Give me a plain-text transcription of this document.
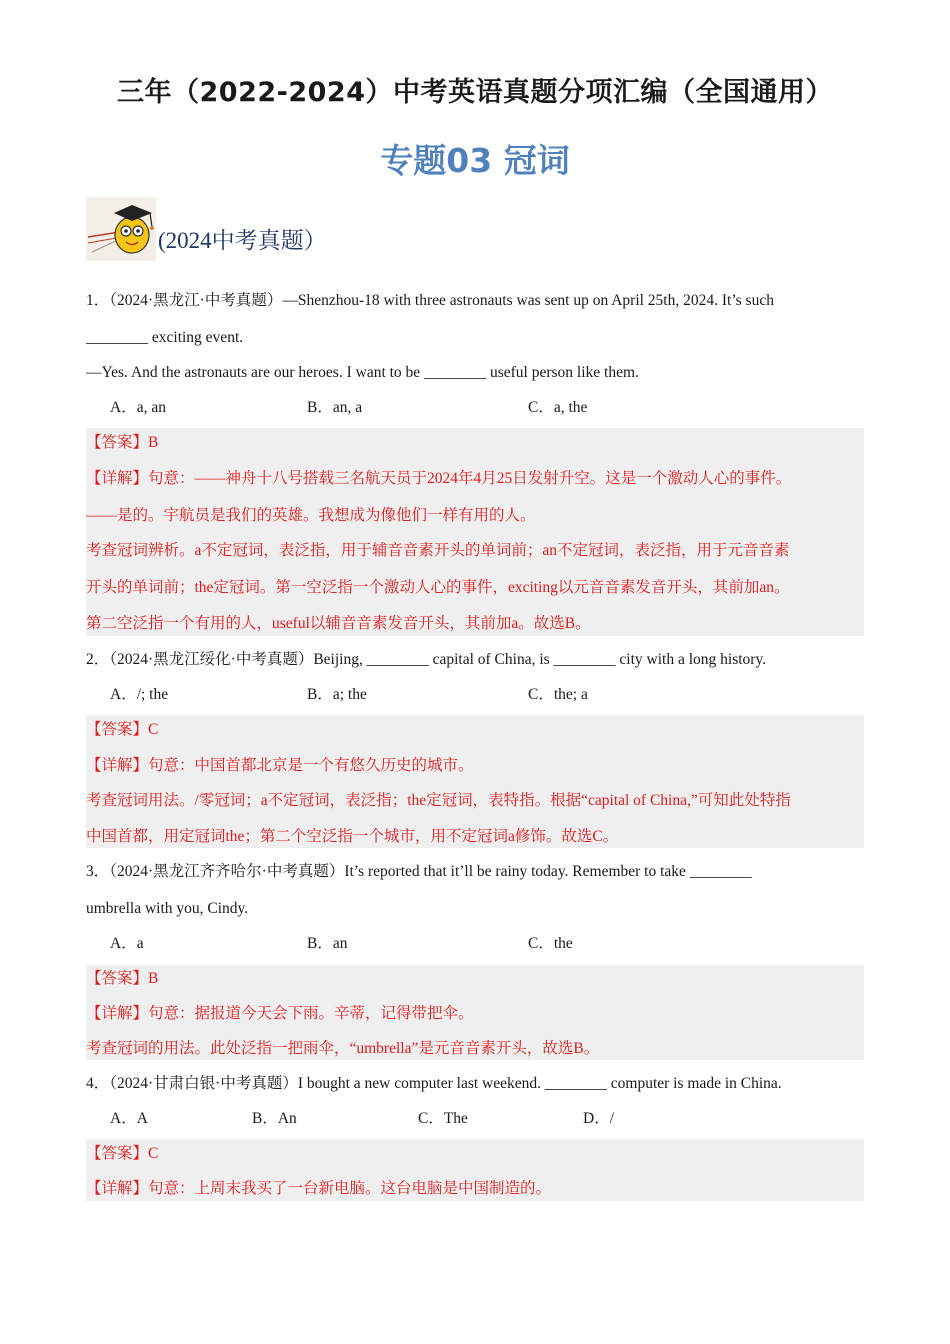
三年（2022-2024）中考英语真题分项汇编（全国通用）
专题03 冠词
(2024中考真题）
1．（2024·黑龙江·中考真题）—Shenzhou-18 with three astronauts was sent up on April 25th, 2024. It’s such
________ exciting event.
—Yes. And the astronauts are our heroes. I want to be ________ useful person like them.
A．a, an	B．an, a	C．a, the
【答案】B
【详解】句意：——神舟十八号搭载三名航天员于2024年4月25日发射升空。这是一个激动人心的事件。
——是的。宇航员是我们的英雄。我想成为像他们一样有用的人。
考查冠词辨析。a不定冠词，表泛指，用于辅音音素开头的单词前；an不定冠词，表泛指，用于元音音素
开头的单词前；the定冠词。第一空泛指一个激动人心的事件，exciting以元音音素发音开头，其前加an。
第二空泛指一个有用的人，useful以辅音音素发音开头，其前加a。故选B。
2．（2024·黑龙江绥化·中考真题）Beijing, ________ capital of China, is ________ city with a long history.
A．/; the	B．a; the	C．the; a
【答案】C
【详解】句意：中国首都北京是一个有悠久历史的城市。
考查冠词用法。/零冠词；a不定冠词，表泛指；the定冠词，表特指。根据“capital of China,”可知此处特指
中国首都，用定冠词the；第二个空泛指一个城市，用不定冠词a修饰。故选C。
3．（2024·黑龙江齐齐哈尔·中考真题）It’s reported that it’ll be rainy today. Remember to take ________
umbrella with you, Cindy.
A．a	B．an	C．the
【答案】B
【详解】句意：据报道今天会下雨。辛蒂，记得带把伞。
考查冠词的用法。此处泛指一把雨伞，“umbrella”是元音音素开头，故选B。
4．（2024·甘肃白银·中考真题）I bought a new computer last weekend. ________ computer is made in China.
A．A	B．An	C．The	D．/
【答案】C
【详解】句意：上周末我买了一台新电脑。这台电脑是中国制造的。
